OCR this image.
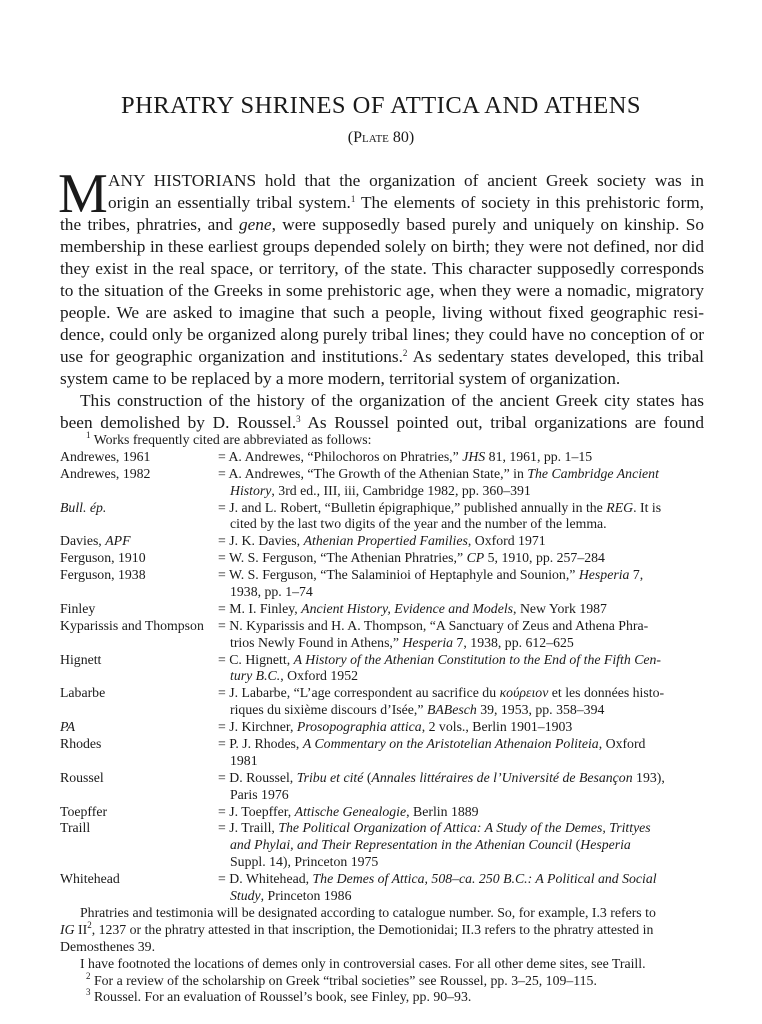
PHRATRY SHRINES OF ATTICA AND ATHENS
(Plate 80)
M ANY HISTORIANS hold that the organization of ancient Greek society was in
origin an essentially tribal system.$^1$ The elements of society in this prehistoric form,
the tribes, phratries, and gene, were supposedly based purely and uniquely on kinship. So
membership in these earliest groups depended solely on birth; they were not defined, nor did
they exist in the real space, or territory, of the state. This character supposedly corresponds
to the situation of the Greeks in some prehistoric age, when they were a nomadic, migratory
people. We are asked to imagine that such a people, living without fixed geographic resi-
dence, could only be organized along purely tribal lines; they could have no conception of or
use for geographic organization and institutions.$^2$ As sedentary states developed, this tribal
system came to be replaced by a more modern, territorial system of organization.
This construction of the history of the organization of the ancient Greek city states has
been demolished by D. Roussel.$^3$ As Roussel pointed out, tribal organizations are found
$^1$ Works frequently cited are abbreviated as follows:
Andrewes, 1961	= A. Andrewes, “Philochoros on Phratries,” JHS 81, 1961, pp. 1–15
Andrewes, 1982	= A. Andrewes, “The Growth of the Athenian State,” in The Cambridge Ancient
History, 3rd ed., III, iii, Cambridge 1982, pp. 360–391
Bull. ép.	= J. and L. Robert, “Bulletin épigraphique,” published annually in the REG. It is
cited by the last two digits of the year and the number of the lemma.
Davies, APF	= J. K. Davies, Athenian Propertied Families, Oxford 1971
Ferguson, 1910	= W. S. Ferguson, “The Athenian Phratries,” CP 5, 1910, pp. 257–284
Ferguson, 1938	= W. S. Ferguson, “The Salaminioi of Heptaphyle and Sounion,” Hesperia 7,
1938, pp. 1–74
Finley	= M. I. Finley, Ancient History, Evidence and Models, New York 1987
Kyparissis and Thompson = N. Kyparissis and H. A. Thompson, “A Sanctuary of Zeus and Athena Phra-
trios Newly Found in Athens,” Hesperia 7, 1938, pp. 612–625
Hignett	= C. Hignett, A History of the Athenian Constitution to the End of the Fifth Cen-
tury B.C., Oxford 1952
Labarbe	= J. Labarbe, “L’age correspondent au sacrifice du κούρειον et les données histo-
riques du sixième discours d’Isée,” BABesch 39, 1953, pp. 358–394
PA	= J. Kirchner, Prosopographia attica, 2 vols., Berlin 1901–1903
Rhodes	= P. J. Rhodes, A Commentary on the Aristotelian Athenaion Politeia, Oxford
1981
Roussel	= D. Roussel, Tribu et cité (Annales littéraires de l’Université de Besançon 193),
Paris 1976
Toepffer	= J. Toepffer, Attische Genealogie, Berlin 1889
Traill	= J. Traill, The Political Organization of Attica: A Study of the Demes, Trittyes
and Phylai, and Their Representation in the Athenian Council (Hesperia
Suppl. 14), Princeton 1975
Whitehead	= D. Whitehead, The Demes of Attica, 508–ca. 250 B.C.: A Political and Social
Study, Princeton 1986
Phratries and testimonia will be designated according to catalogue number. So, for example, I.3 refers to
IG $II^2$, 1237 or the phratry attested in that inscription, the Demotionidai; II.3 refers to the phratry attested in
Demosthenes 39.
I have footnoted the locations of demes only in controversial cases. For all other deme sites, see Traill.
$^2$ For a review of the scholarship on Greek “tribal societies” see Roussel, pp. 3–25, 109–115.
$^3$ Roussel. For an evaluation of Roussel’s book, see Finley, pp. 90–93.
